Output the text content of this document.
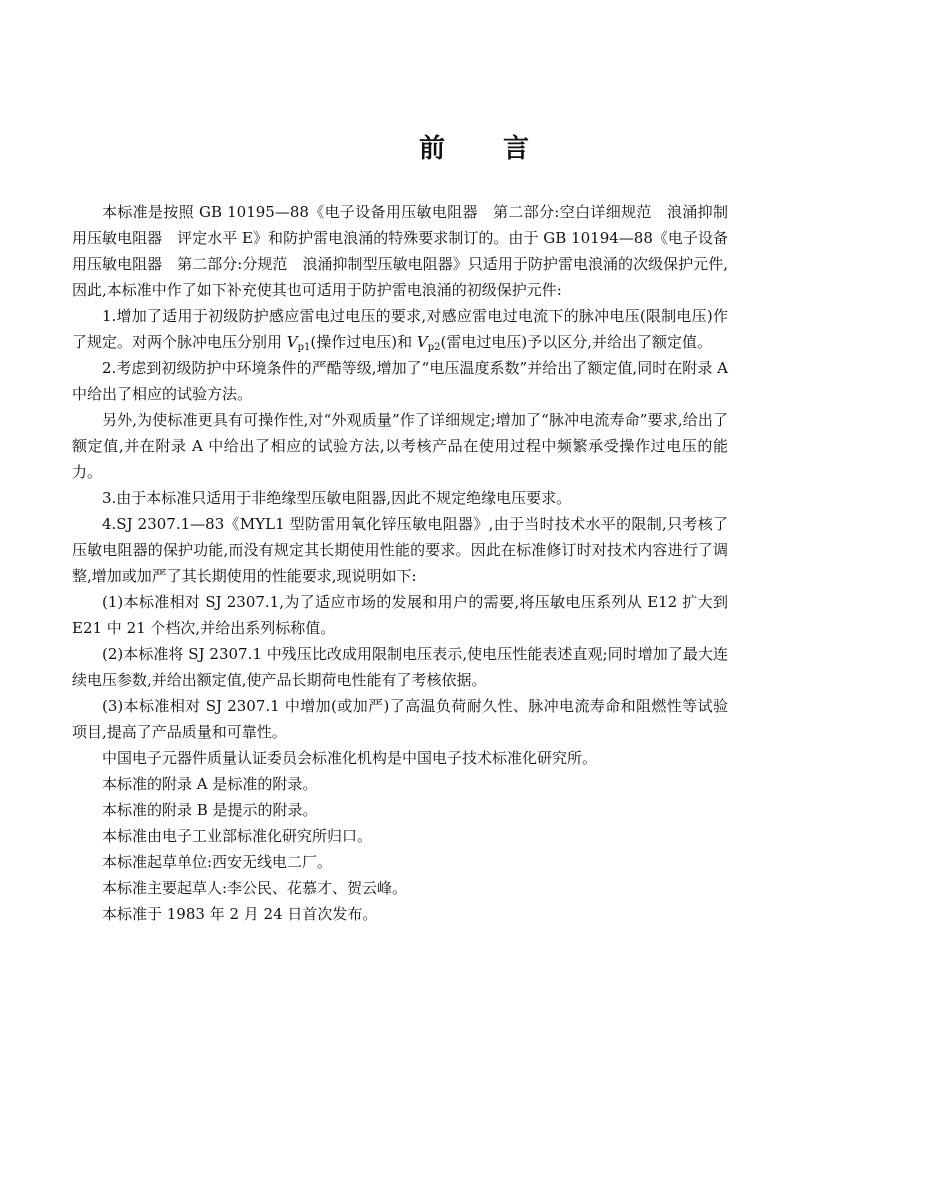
前 言

本标准是按照 GB 10195—88《电子设备用压敏电阻器　第二部分:空白详细规范　浪涌抑制用压敏电阻器　评定水平 E》和防护雷电浪涌的特殊要求制订的。由于 GB 10194—88《电子设备用压敏电阻器　第二部分:分规范　浪涌抑制型压敏电阻器》只适用于防护雷电浪涌的次级保护元件,因此,本标准中作了如下补充使其也可适用于防护雷电浪涌的初级保护元件:

1.增加了适用于初级防护感应雷电过电压的要求,对感应雷电过电流下的脉冲电压(限制电压)作了规定。对两个脉冲电压分别用 $V_{p1}$(操作过电压)和 $V_{p2}$(雷电过电压)予以区分,并给出了额定值。

2.考虑到初级防护中环境条件的严酷等级,增加了“电压温度系数”并给出了额定值,同时在附录 A 中给出了相应的试验方法。

另外,为使标准更具有可操作性,对“外观质量”作了详细规定;增加了“脉冲电流寿命”要求,给出了额定值,并在附录 A 中给出了相应的试验方法,以考核产品在使用过程中频繁承受操作过电压的能力。

3.由于本标准只适用于非绝缘型压敏电阻器,因此不规定绝缘电压要求。

4.SJ 2307.1—83《MYL1 型防雷用氧化锌压敏电阻器》,由于当时技术水平的限制,只考核了压敏电阻器的保护功能,而没有规定其长期使用性能的要求。因此在标准修订时对技术内容进行了调整,增加或加严了其长期使用的性能要求,现说明如下:

(1)本标准相对 SJ 2307.1,为了适应市场的发展和用户的需要,将压敏电压系列从 E12 扩大到 E21 中 21 个档次,并给出系列标称值。

(2)本标准将 SJ 2307.1 中残压比改成用限制电压表示,使电压性能表述直观;同时增加了最大连续电压参数,并给出额定值,使产品长期荷电性能有了考核依据。

(3)本标准相对 SJ 2307.1 中增加(或加严)了高温负荷耐久性、脉冲电流寿命和阻燃性等试验项目,提高了产品质量和可靠性。

中国电子元器件质量认证委员会标准化机构是中国电子技术标准化研究所。

本标准的附录 A 是标准的附录。

本标准的附录 B 是提示的附录。

本标准由电子工业部标准化研究所归口。

本标准起草单位:西安无线电二厂。

本标准主要起草人:李公民、花慕才、贺云峰。

本标准于 1983 年 2 月 24 日首次发布。
